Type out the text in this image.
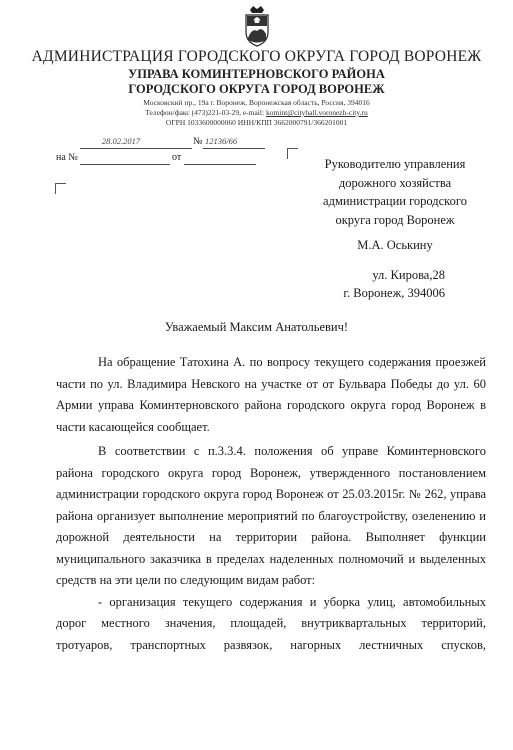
АДМИНИСТРАЦИЯ ГОРОДСКОГО ОКРУГА ГОРОД ВОРОНЕЖ
УПРАВА КОМИНТЕРНОВСКОГО РАЙОНА
ГОРОДСКОГО ОКРУГА ГОРОД ВОРОНЕЖ
Московский пр., 19а г. Воронеж, Воронежская область, Россия, 394016
Телефон/факс (473)221-03-29, e-mail: komint@cityhall.voronezh-city.ru
ОГРН 1033600000060 ИНН/КПП 3662000791/366201001
28.02.2017	№ 12136/66
на №	от	Руководителю управления
дорожного хозяйства
администрации городского
округа город Воронеж
М.А. Оськину
ул. Кирова,28
г. Воронеж, 394006
Уважаемый Максим Анатольевич!

На обращение Татохина А. по вопросу текущего содержания проезжей части по ул. Владимира Невского на участке от от Бульвара Победы до ул. 60 Армии управа Коминтерновского района городского округа город Воронеж в части касающейся сообщает.

В соответствии с п.3.3.4. положения об управе Коминтерновского района городского округа город Воронеж, утвержденного постановлением администрации городского округа город Воронеж от 25.03.2015г. № 262, управа района организует выполнение мероприятий по благоустройству, озеленению и дорожной деятельности на территории района. Выполняет функции муниципального заказчика в пределах наделенных полномочий и выделенных средств на эти цели по следующим видам работ:

- организация текущего содержания и уборка улиц, автомобильных дорог местного значения, площадей, внутриквартальных территорий, тротуаров, транспортных развязок, нагорных лестничных спусков,
